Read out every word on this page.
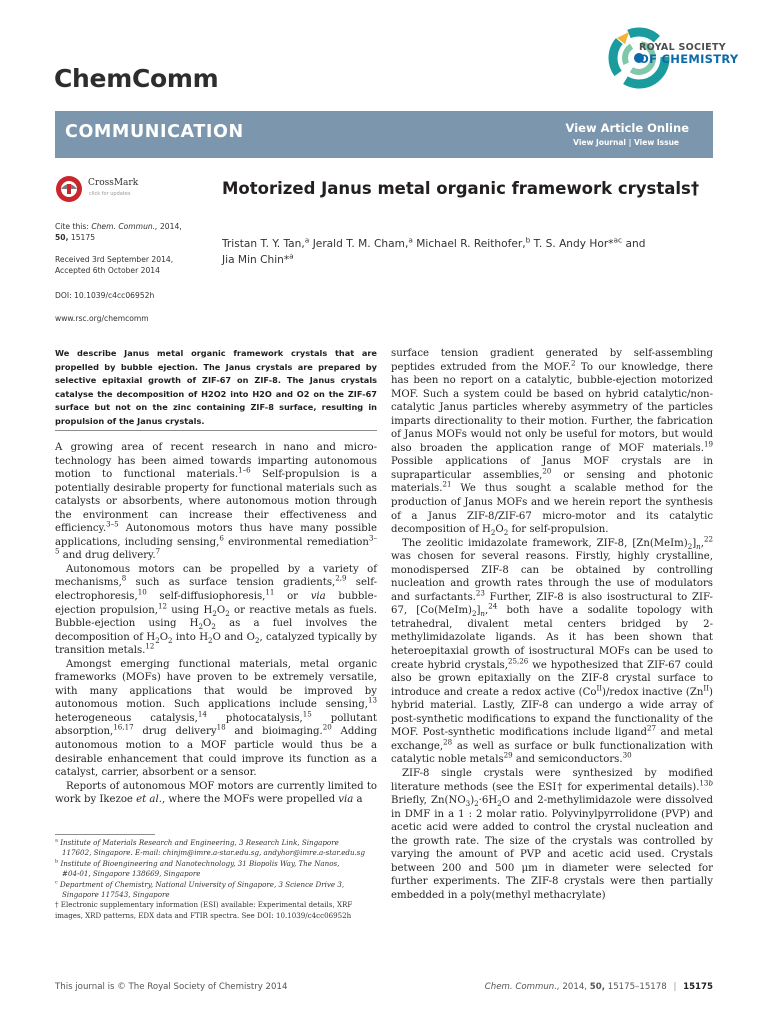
ChemComm
ROYAL SOCIETY
OF CHEMISTRY
COMMUNICATION	View Article Online
View Journal | View Issue
CrossMark
click for updates
Cite this: Chem. Commun., 2014,
50, 15175
Received 3rd September 2014,
Accepted 6th October 2014
DOI: 10.1039/c4cc06952h
www.rsc.org/chemcomm
Motorized Janus metal organic framework crystals†
Tristan T. Y. Tan,$^a$ Jerald T. M. Cham,$^a$ Michael R. Reithofer,$^b$ T. S. Andy Hor*$^{ac}$ and
Jia Min Chin*$^a$
We describe Janus metal organic framework crystals that are propelled by bubble ejection. The Janus crystals are prepared by selective epitaxial growth of ZIF-67 on ZIF-8. The Janus crystals catalyse the decomposition of H2O2 into H2O and O2 on the ZIF-67 surface but not on the zinc containing ZIF-8 surface, resulting in propulsion of the Janus crystals.

A growing area of recent research in nano and micro-technology has been aimed towards imparting autonomous motion to functional materials.$^{1-6}$ Self-propulsion is a potentially desirable property for functional materials such as catalysts or absorbents, where autonomous motion through the environment can increase their effectiveness and efficiency.$^{3-5}$ Autonomous motors thus have many possible applications, including sensing,$^6$ environmental remediation$^{3-5}$ and drug delivery.$^7$

Autonomous motors can be propelled by a variety of mechanisms,$^8$ such as surface tension gradients,$^{2,9}$ self-electrophoresis,$^{10}$ self-diffusiophoresis,$^{11}$ or via bubble-ejection propulsion,$^{12}$ using $H_2O_2$ or reactive metals as fuels. Bubble-ejection using $H_2O_2$ as a fuel involves the decomposition of $H_2O_2$ into $H_2O$ and $O_2$, catalyzed typically by transition metals.$^{12}$

Amongst emerging functional materials, metal organic frameworks (MOFs) have proven to be extremely versatile, with many applications that would be improved by autonomous motion. Such applications include sensing,$^{13}$ heterogeneous catalysis,$^{14}$ photocatalysis,$^{15}$ pollutant absorption,$^{16,17}$ drug delivery$^{18}$ and bioimaging.$^{20}$ Adding autonomous motion to a MOF particle would thus be a desirable enhancement that could improve its function as a catalyst, carrier, absorbent or a sensor.

Reports of autonomous MOF motors are currently limited to work by Ikezoe et al., where the MOFs were propelled via a

$^a$ Institute of Materials Research and Engineering, 3 Research Link, Singapore

117602, Singapore. E-mail: chinjm@imre.a-star.edu.sg, andyhor@imre.a-star.edu.sg

$^b$ Institute of Bioengineering and Nanotechnology, 31 Biopolis Way, The Nanos,

#04-01, Singapore 138669, Singapore

$^c$ Department of Chemistry, National University of Singapore, 3 Science Drive 3,

Singapore 117543, Singapore

† Electronic supplementary information (ESI) available: Experimental details, XRF images, XRD patterns, EDX data and FTIR spectra. See DOI: 10.1039/c4cc06952h

surface tension gradient generated by self-assembling peptides extruded from the MOF.$^2$ To our knowledge, there has been no report on a catalytic, bubble-ejection motorized MOF. Such a system could be based on hybrid catalytic/non-catalytic Janus particles whereby asymmetry of the particles imparts directionality to their motion. Further, the fabrication of Janus MOFs would not only be useful for motors, but would also broaden the application range of MOF materials.$^{19}$ Possible applications of Janus MOF crystals are in supraparticular assemblies,$^{20}$ or sensing and photonic materials.$^{21}$ We thus sought a scalable method for the production of Janus MOFs and we herein report the synthesis of a Janus ZIF-8/ZIF-67 micro-motor and its catalytic decomposition of $H_2O_2$ for self-propulsion.

The zeolitic imidazolate framework, ZIF-8, $[Zn(MeIm)_2]_n,^{22}$ was chosen for several reasons. Firstly, highly crystalline, monodispersed ZIF-8 can be obtained by controlling nucleation and growth rates through the use of modulators and surfactants.$^{23}$ Further, ZIF-8 is also isostructural to ZIF-67, $[Co(MeIm)_2]_n,^{24}$ both have a sodalite topology with tetrahedral, divalent metal centers bridged by 2-methylimidazolate ligands. As it has been shown that heteroepitaxial growth of isostructural MOFs can be used to create hybrid crystals,$^{25,26}$ we hypothesized that ZIF-67 could also be grown epitaxially on the ZIF-8 crystal surface to introduce and create a redox active $(Co^{II})$/redox inactive $(Zn^{II})$ hybrid material. Lastly, ZIF-8 can undergo a wide array of post-synthetic modifications to expand the functionality of the MOF. Post-synthetic modifications include ligand$^{27}$ and metal exchange,$^{28}$ as well as surface or bulk functionalization with catalytic noble metals$^{29}$ and semiconductors.$^{30}$

ZIF-8 single crystals were synthesized by modified literature methods (see the ESI† for experimental details).$^{13b}$ Briefly, $Zn(NO_3)_2\cdot 6H_2O$ and 2-methylimidazole were dissolved in DMF in a 1 : 2 molar ratio. Polyvinylpyrrolidone (PVP) and acetic acid were added to control the crystal nucleation and the growth rate. The size of the crystals was controlled by varying the amount of PVP and acetic acid used. Crystals between 200 and 500 μm in diameter were selected for further experiments. The ZIF-8 crystals were then partially embedded in a poly(methyl methacrylate)

This journal is © The Royal Society of Chemistry 2014	Chem. Commun., 2014, 50, 15175–15178 | 15175
